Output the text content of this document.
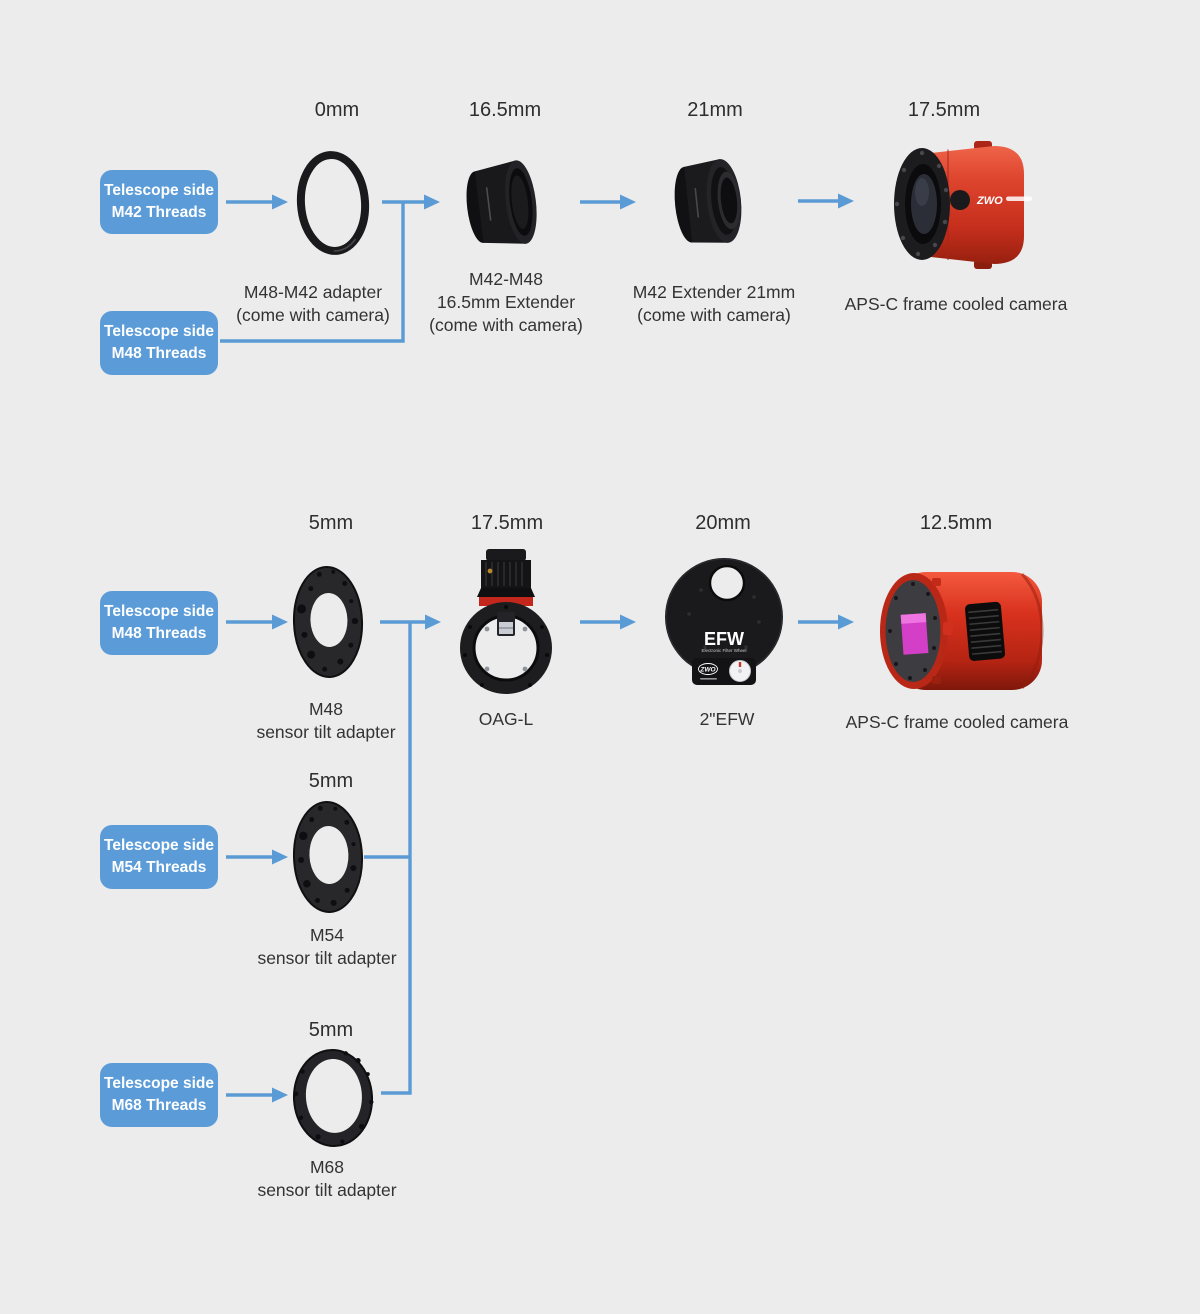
Telescope side
M42 Threads
Telescope side
M48 Threads
0mm	16.5mm	21mm	17.5mm
ZWO
M48-M42 adapter
(come with camera)
M42-M48
16.5mm Extender
(come with camera)
M42 Extender 21mm
(come with camera)
APS-C frame cooled camera
Telescope side
M48 Threads
Telescope side
M54 Threads
Telescope side
M68 Threads
5mm	17.5mm	20mm	12.5mm
5mm
5mm
EFW
Electronic Filter Wheel
ZWO
M48
sensor tilt adapter
OAG-L	2"EFW	APS-C frame cooled camera
M54
sensor tilt adapter
M68
sensor tilt adapter
